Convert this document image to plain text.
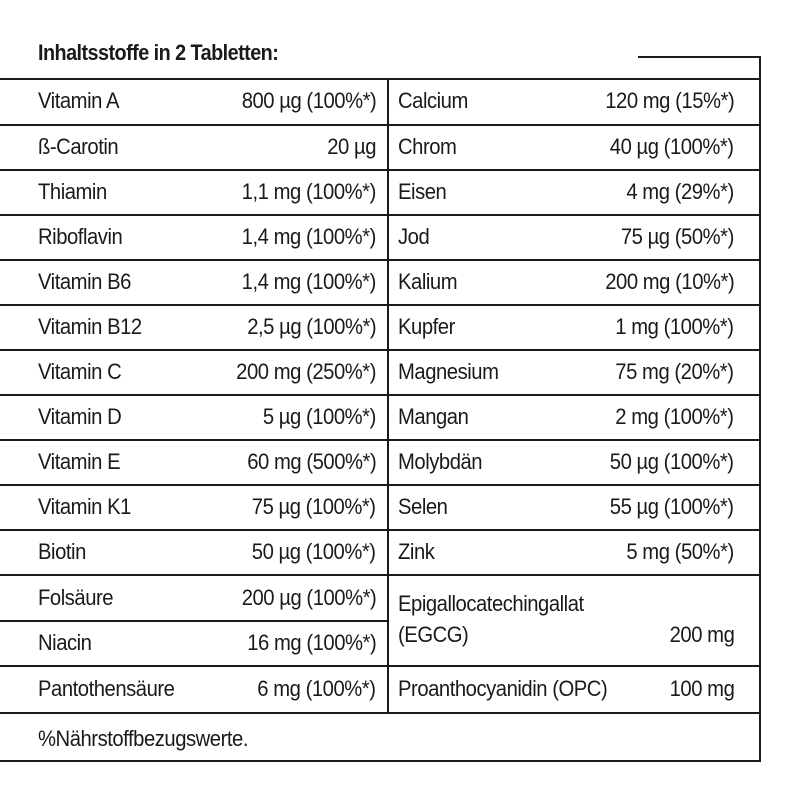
Inhaltsstoffe in 2 Tabletten:
Vitamin A	800 µg (100%*)
ß-Carotin	20 µg
Thiamin	1,1 mg (100%*)
Riboflavin	1,4 mg (100%*)
Vitamin B6	1,4 mg (100%*)
Vitamin B12	2,5 µg (100%*)
Vitamin C	200 mg (250%*)
Vitamin D	5 µg (100%*)
Vitamin E	60 mg (500%*)
Vitamin K1	75 µg (100%*)
Biotin	50 µg (100%*)
Folsäure	200 µg (100%*)
Niacin	16 mg (100%*)
Pantothensäure	6 mg (100%*)
Calcium	120 mg (15%*)
Chrom	40 µg (100%*)
Eisen	4 mg (29%*)
Jod	75 µg (50%*)
Kalium	200 mg (10%*)
Kupfer	1 mg (100%*)
Magnesium	75 mg (20%*)
Mangan	2 mg (100%*)
Molybdän	50 µg (100%*)
Selen	55 µg (100%*)
Zink	5 mg (50%*)
Epigallocatechingallat
(EGCG)	200 mg
Proanthocyanidin (OPC)	100 mg
%Nährstoffbezugswerte.
